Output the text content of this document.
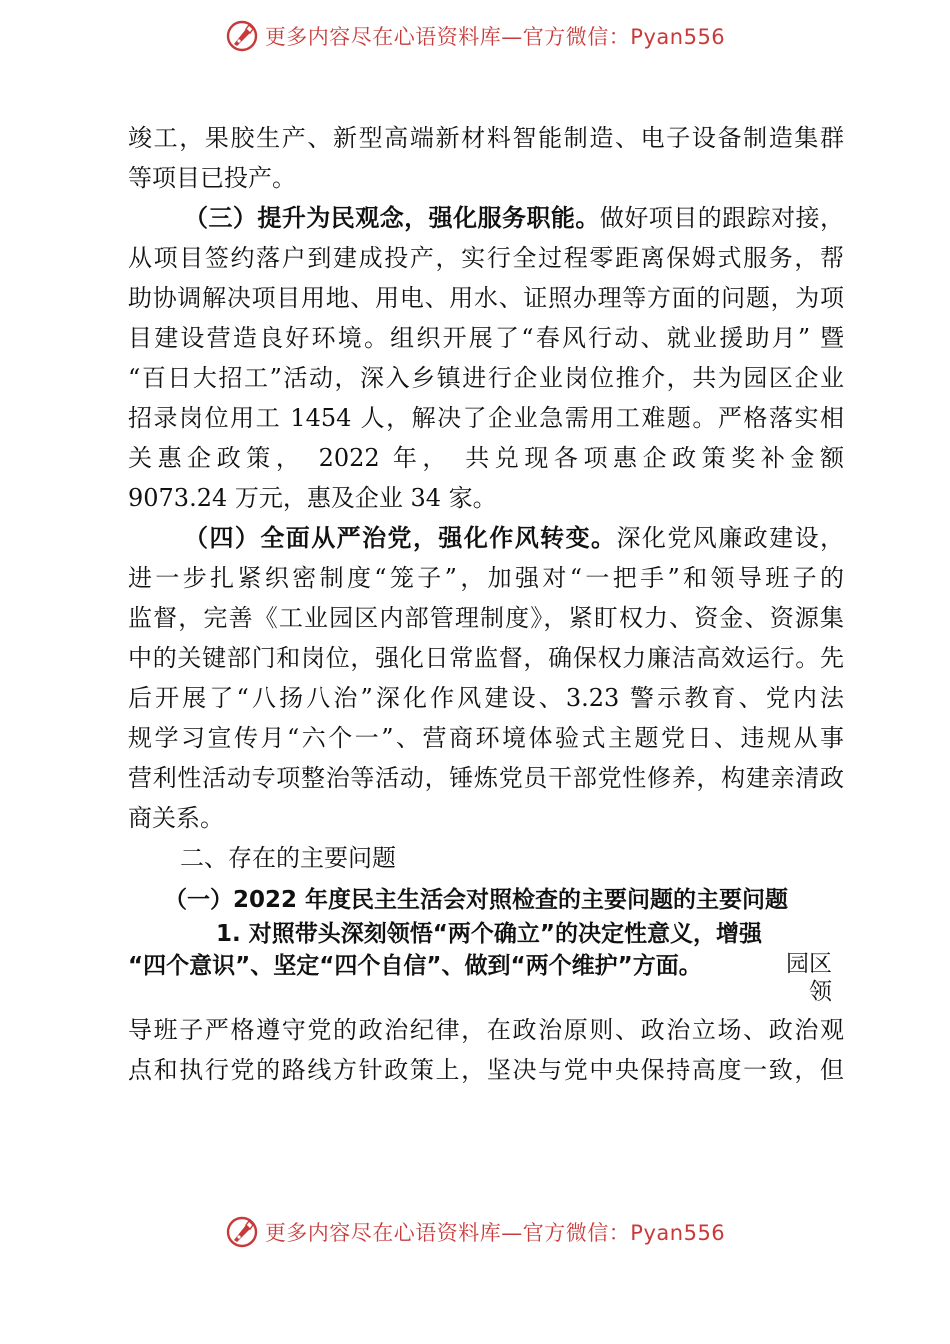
更多内容尽在心语资料库—官方微信：Pyan556
竣工，果胶生产、新型高端新材料智能制造、电子设备制造集群
等项目已投产。
（三）提升为民观念，强化服务职能。做好项目的跟踪对接，
从项目签约落户到建成投产，实行全过程零距离保姆式服务，帮
助协调解决项目用地、用电、用水、证照办理等方面的问题，为项
目建设营造良好环境。组织开展了“春风行动、就业援助月” 暨
“百日大招工”活动，深入乡镇进行企业岗位推介，共为园区企业
招录岗位用工 1454 人，解决了企业急需用工难题。严格落实相
关惠企政策， 2022 年， 共兑现各项惠企政策奖补金额
9073.24 万元，惠及企业 34 家。
（四）全面从严治党，强化作风转变。深化党风廉政建设，
进一步扎紧织密制度“笼子”，加强对“一把手”和领导班子的
监督，完善《工业园区内部管理制度》，紧盯权力、资金、资源集
中的关键部门和岗位，强化日常监督，确保权力廉洁高效运行。先
后开展了“八扬八治”深化作风建设、3.23 警示教育、党内法
规学习宣传月“六个一”、营商环境体验式主题党日、违规从事
营利性活动专项整治等活动，锤炼党员干部党性修养，构建亲清政
商关系。
二、存在的主要问题
（一）2022 年度民主生活会对照检查的主要问题的主要问题
1. 对照带头深刻领悟“两个确立”的决定性意义，增强
“四个意识”、坚定“四个自信”、做到“两个维护”方面。	园区领
导班子严格遵守党的政治纪律，在政治原则、政治立场、政治观
点和执行党的路线方针政策上，坚决与党中央保持高度一致，但
更多内容尽在心语资料库—官方微信：Pyan556
